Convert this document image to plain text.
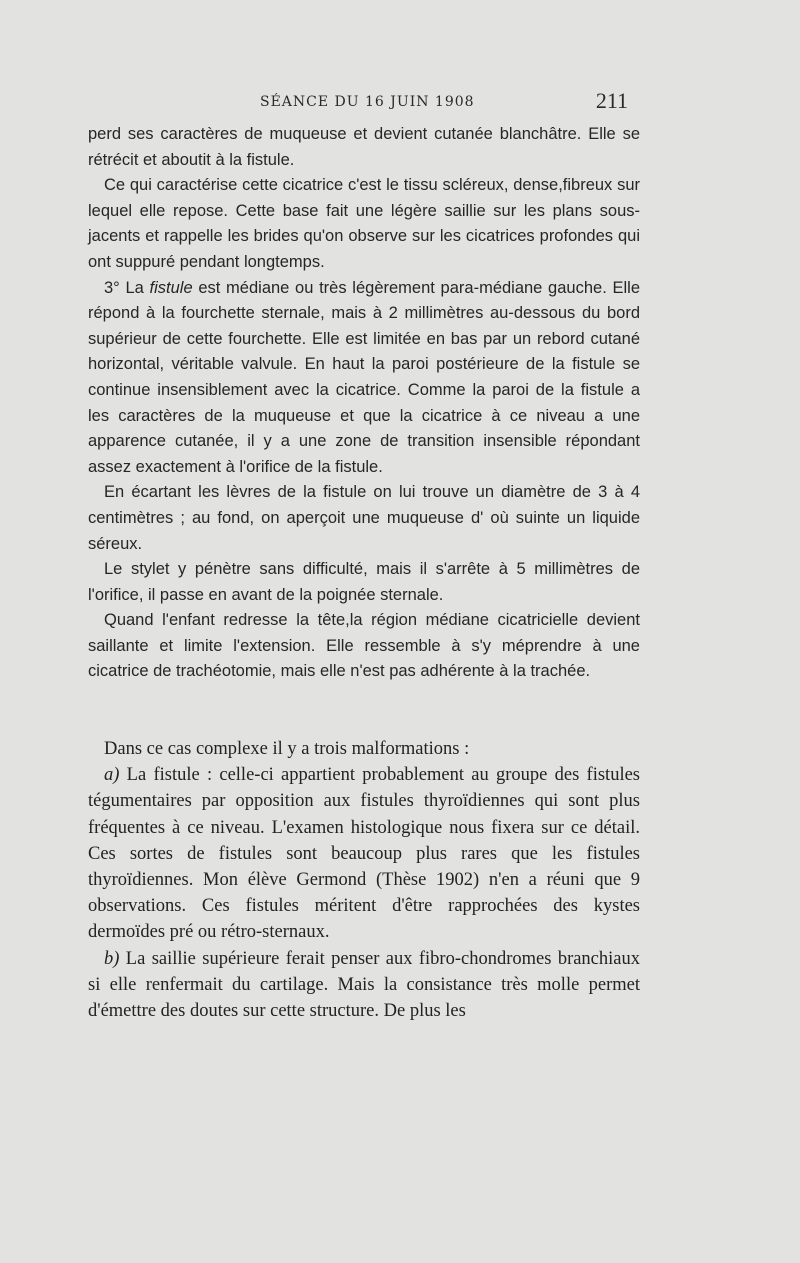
SÉANCE DU 16 JUIN 1908	211

perd ses caractères de muqueuse et devient cutanée blanchâtre. Elle se rétrécit et aboutit à la fistule.

Ce qui caractérise cette cicatrice c'est le tissu scléreux, dense,fibreux sur lequel elle repose. Cette base fait une légère saillie sur les plans sous-jacents et rappelle les brides qu'on observe sur les cicatrices profondes qui ont suppuré pendant longtemps.

3° La fistule est médiane ou très légèrement para-médiane gauche. Elle répond à la fourchette sternale, mais à 2 millimètres au-dessous du bord supérieur de cette fourchette. Elle est limitée en bas par un rebord cutané horizontal, véritable valvule. En haut la paroi postérieure de la fistule se continue insensiblement avec la cicatrice. Comme la paroi de la fistule a les caractères de la muqueuse et que la cicatrice à ce niveau a une apparence cutanée, il y a une zone de transition insensible répondant assez exactement à l'orifice de la fistule.

En écartant les lèvres de la fistule on lui trouve un diamètre de 3 à 4 centimètres ; au fond, on aperçoit une muqueuse d' où suinte un liquide séreux.

Le stylet y pénètre sans difficulté, mais il s'arrête à 5 millimètres de l'orifice, il passe en avant de la poignée sternale.

Quand l'enfant redresse la tête,la région médiane cicatricielle devient saillante et limite l'extension. Elle ressemble à s'y méprendre à une cicatrice de trachéotomie, mais elle n'est pas adhérente à la trachée.

Dans ce cas complexe il y a trois malformations :

a) La fistule : celle-ci appartient probablement au groupe des fistules tégumentaires par opposition aux fistules thyroïdiennes qui sont plus fréquentes à ce niveau. L'examen histologique nous fixera sur ce détail. Ces sortes de fistules sont beaucoup plus rares que les fistules thyroïdiennes. Mon élève Germond (Thèse 1902) n'en a réuni que 9 observations. Ces fistules méritent d'être rapprochées des kystes dermoïdes pré ou rétro-sternaux.

b) La saillie supérieure ferait penser aux fibro-chondromes branchiaux si elle renfermait du cartilage. Mais la consistance très molle permet d'émettre des doutes sur cette structure. De plus les
